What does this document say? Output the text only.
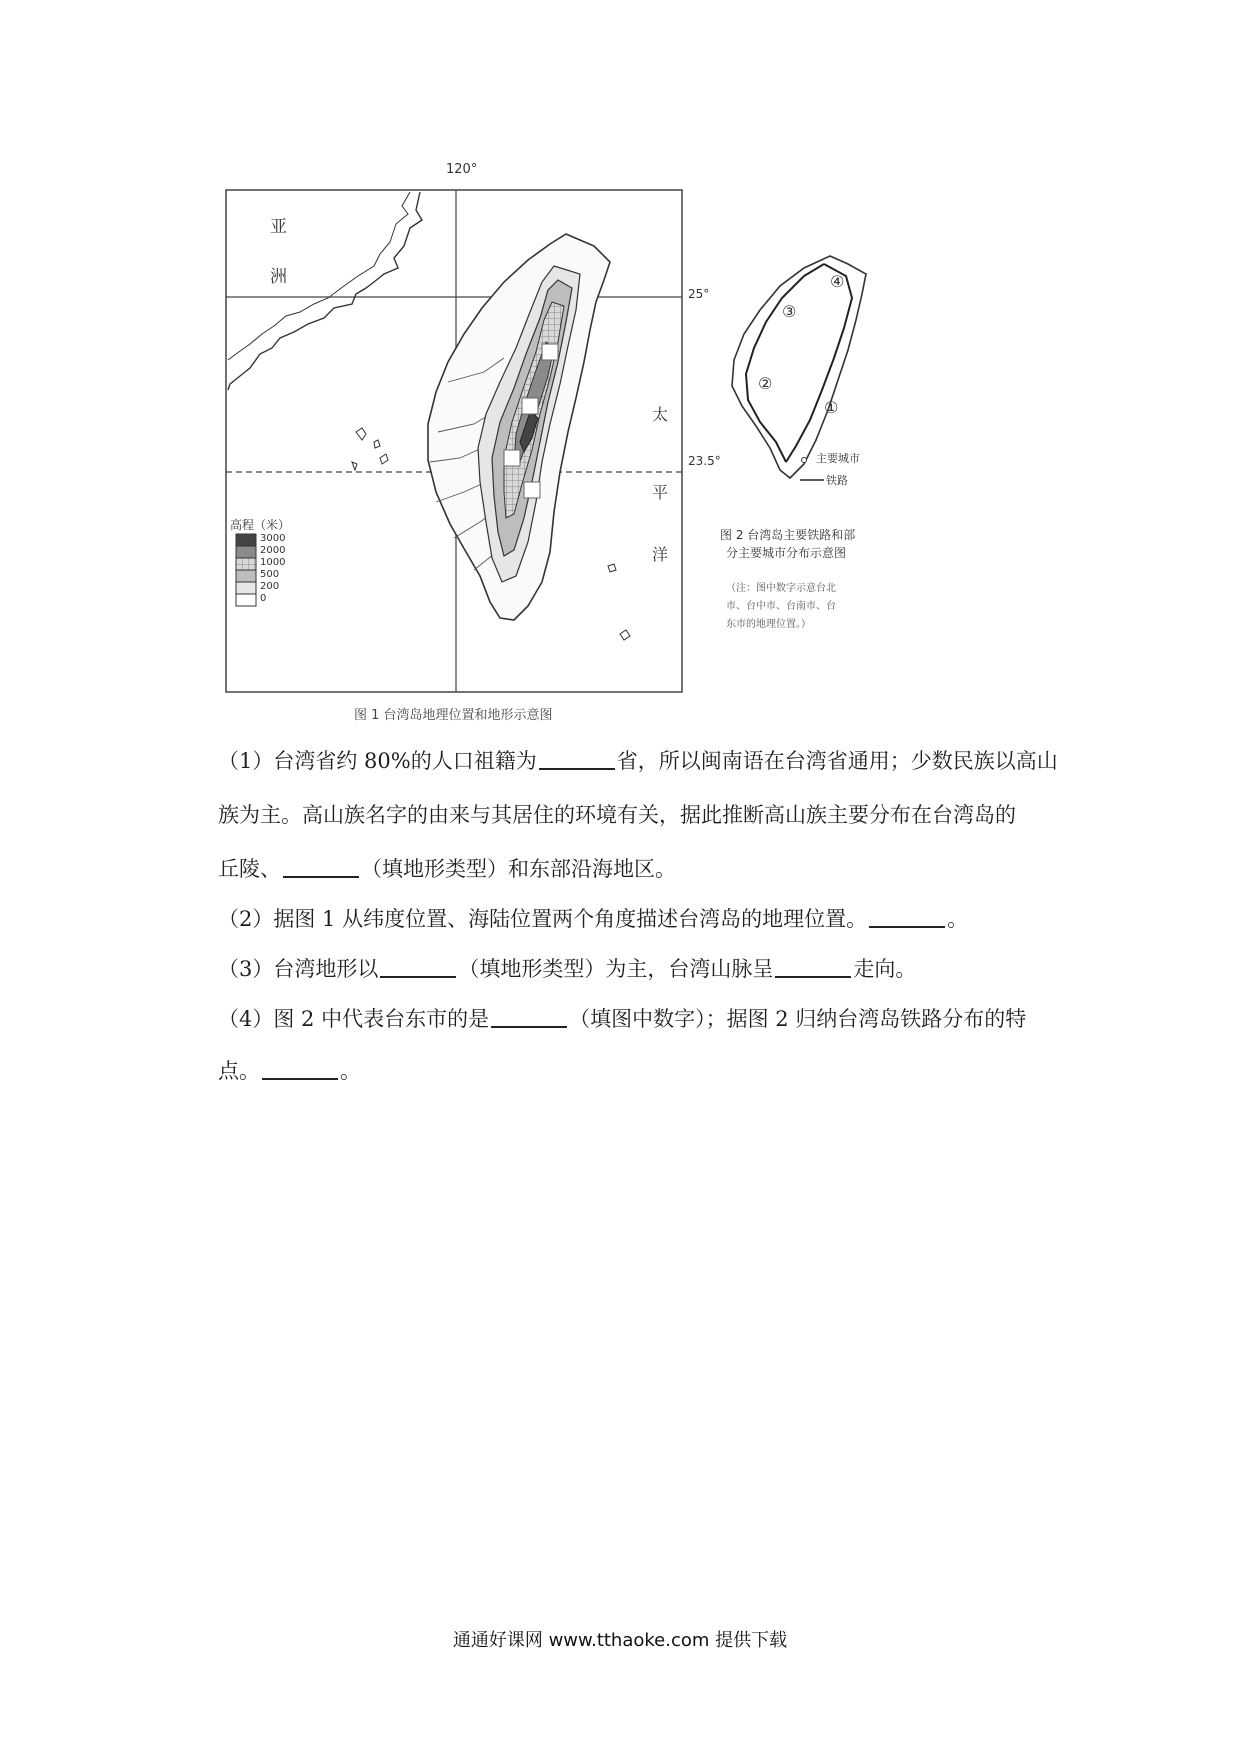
120°
25°
23.5°
亚
洲
太
平
洋
高程（米）
3000
2000
1000
500
200
0
图 1 台湾岛地理位置和地形示意图
④
③
②
①
主要城市
铁路
图 2 台湾岛主要铁路和部
分主要城市分布示意图
（注：图中数字示意台北
市、台中市、台南市、台
东市的地理位置。）
（1）台湾省约 80%的人口祖籍为	省，所以闽南语在台湾省通用；少数民族以高山
族为主。高山族名字的由来与其居住的环境有关，据此推断高山族主要分布在台湾岛的
丘陵、	（填地形类型）和东部沿海地区。
（2）据图 1 从纬度位置、海陆位置两个角度描述台湾岛的地理位置。	。
（3）台湾地形以	（填地形类型）为主，台湾山脉呈	走向。
（4）图 2 中代表台东市的是	（填图中数字）；据图 2 归纳台湾岛铁路分布的特
点。	。
通通好课网 www.tthaoke.com 提供下载
